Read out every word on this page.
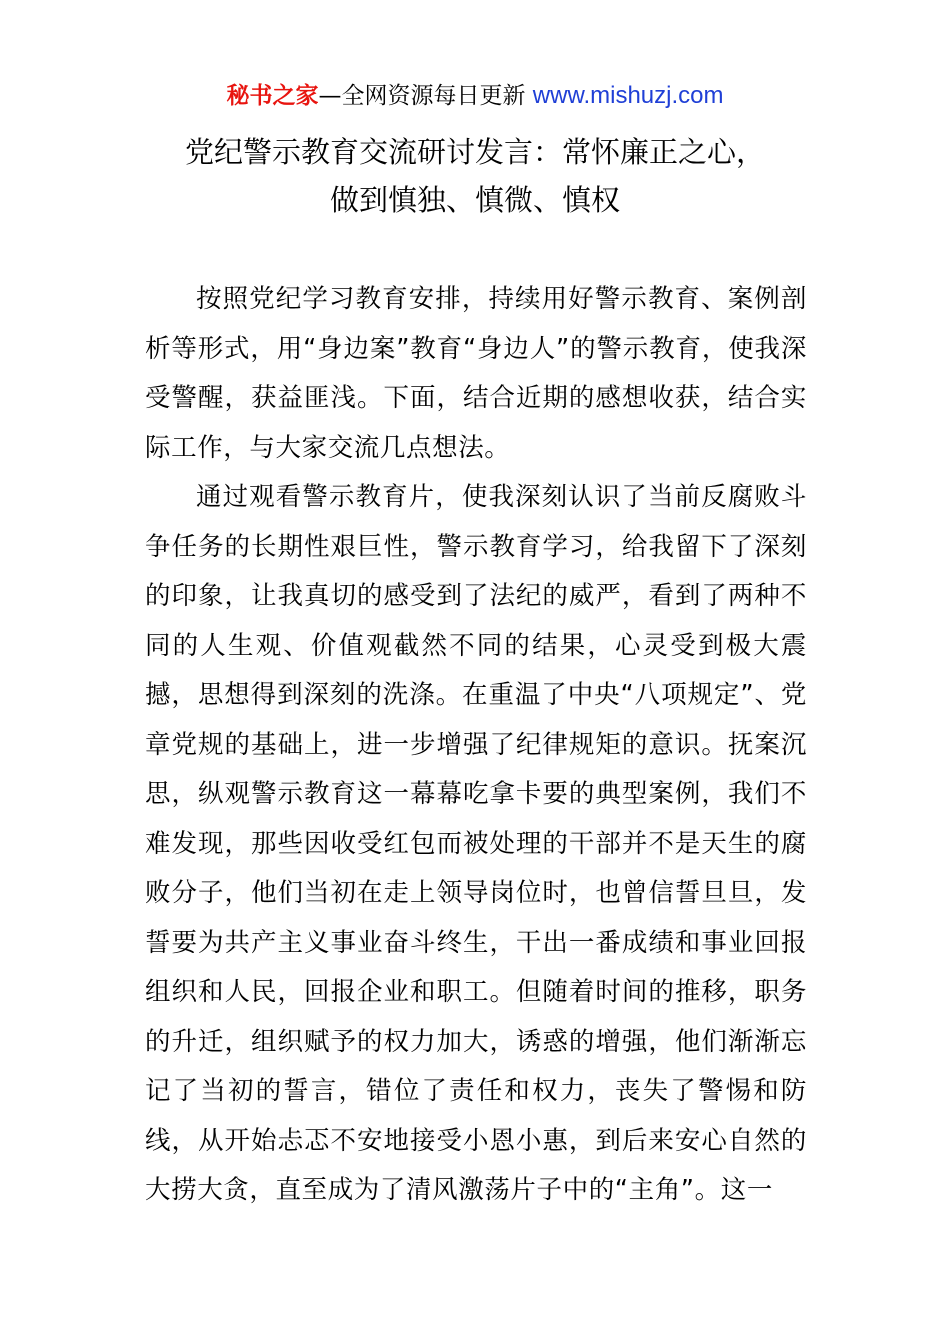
秘书之家—全网资源每日更新 www.mishuzj.com
党纪警示教育交流研讨发言：常怀廉正之心，
做到慎独、慎微、慎权

按照党纪学习教育安排，持续用好警示教育、案例剖析等形式，用“身边案”教育“身边人”的警示教育，使我深受警醒，获益匪浅。下面，结合近期的感想收获，结合实际工作，与大家交流几点想法。

通过观看警示教育片，使我深刻认识了当前反腐败斗争任务的长期性艰巨性，警示教育学习，给我留下了深刻的印象，让我真切的感受到了法纪的威严，看到了两种不同的人生观、价值观截然不同的结果，心灵受到极大震撼，思想得到深刻的洗涤。在重温了中央“八项规定”、党章党规的基础上，进一步增强了纪律规矩的意识。抚案沉思，纵观警示教育这一幕幕吃拿卡要的典型案例，我们不难发现，那些因收受红包而被处理的干部并不是天生的腐败分子，他们当初在走上领导岗位时，也曾信誓旦旦，发誓要为共产主义事业奋斗终生，干出一番成绩和事业回报组织和人民，回报企业和职工。但随着时间的推移，职务的升迁，组织赋予的权力加大，诱惑的增强，他们渐渐忘记了当初的誓言，错位了责任和权力，丧失了警惕和防线，从开始忐忑不安地接受小恩小惠，到后来安心自然的大捞大贪，直至成为了清风激荡片子中的“主角”。这一
